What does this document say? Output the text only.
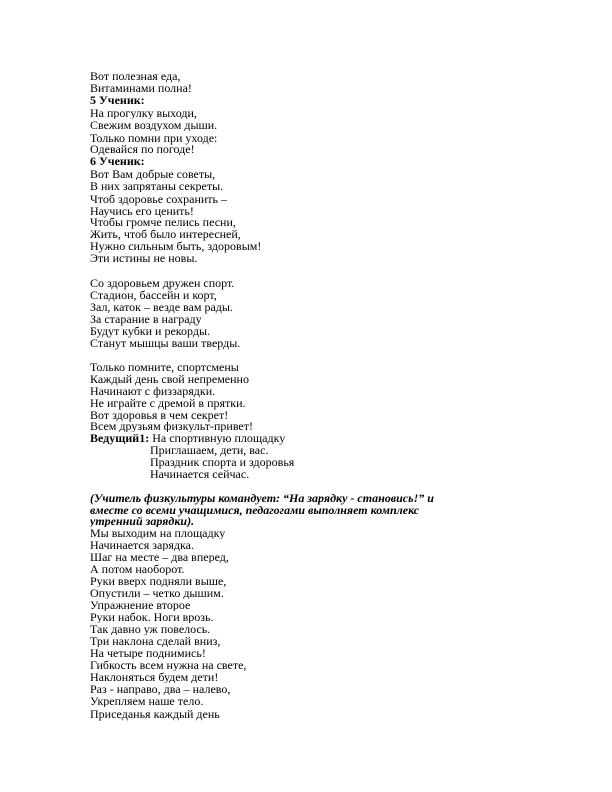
Вот полезная еда,
Витаминами полна!
5 Ученик:
На прогулку выходи,
Свежим воздухом дыши.
Только помни при уходе:
Одевайся по погоде!
6 Ученик:
Вот Вам добрые советы,
В них запрятаны секреты.
Чтоб здоровье сохранить –
Научись его ценить!
Чтобы громче пелись песни,
Жить, чтоб было интересней,
Нужно сильным быть, здоровым!
Эти истины не новы.
Со здоровьем дружен спорт.
Стадион, бассейн и корт,
Зал, каток – везде вам рады.
За старание в награду
Будут кубки и рекорды.
Станут мышцы ваши тверды.
Только помните, спортсмены
Каждый день свой непременно
Начинают с физзарядки.
Не играйте с дремой в прятки.
Вот здоровья в чем секрет!
Всем друзьям физкульт-привет!
Ведущий1: На спортивную площадку
Приглашаем, дети, вас.
Праздник спорта и здоровья
Начинается сейчас.
(Учитель физкультуры командует: “На зарядку - становись!” и
вместе со всеми учащимися, педагогами выполняет комплекс
утренний зарядки).
Мы выходим на площадку
Начинается зарядка.
Шаг на месте – два вперед,
А потом наоборот.
Руки вверх подняли выше,
Опустили – четко дышим.
Упражнение второе
Руки набок. Ноги врозь.
Так давно уж повелось.
Три наклона сделай вниз,
На четыре поднимись!
Гибкость всем нужна на свете,
Наклоняться будем дети!
Раз - направо, два – налево,
Укрепляем наше тело.
Приседанья каждый день
